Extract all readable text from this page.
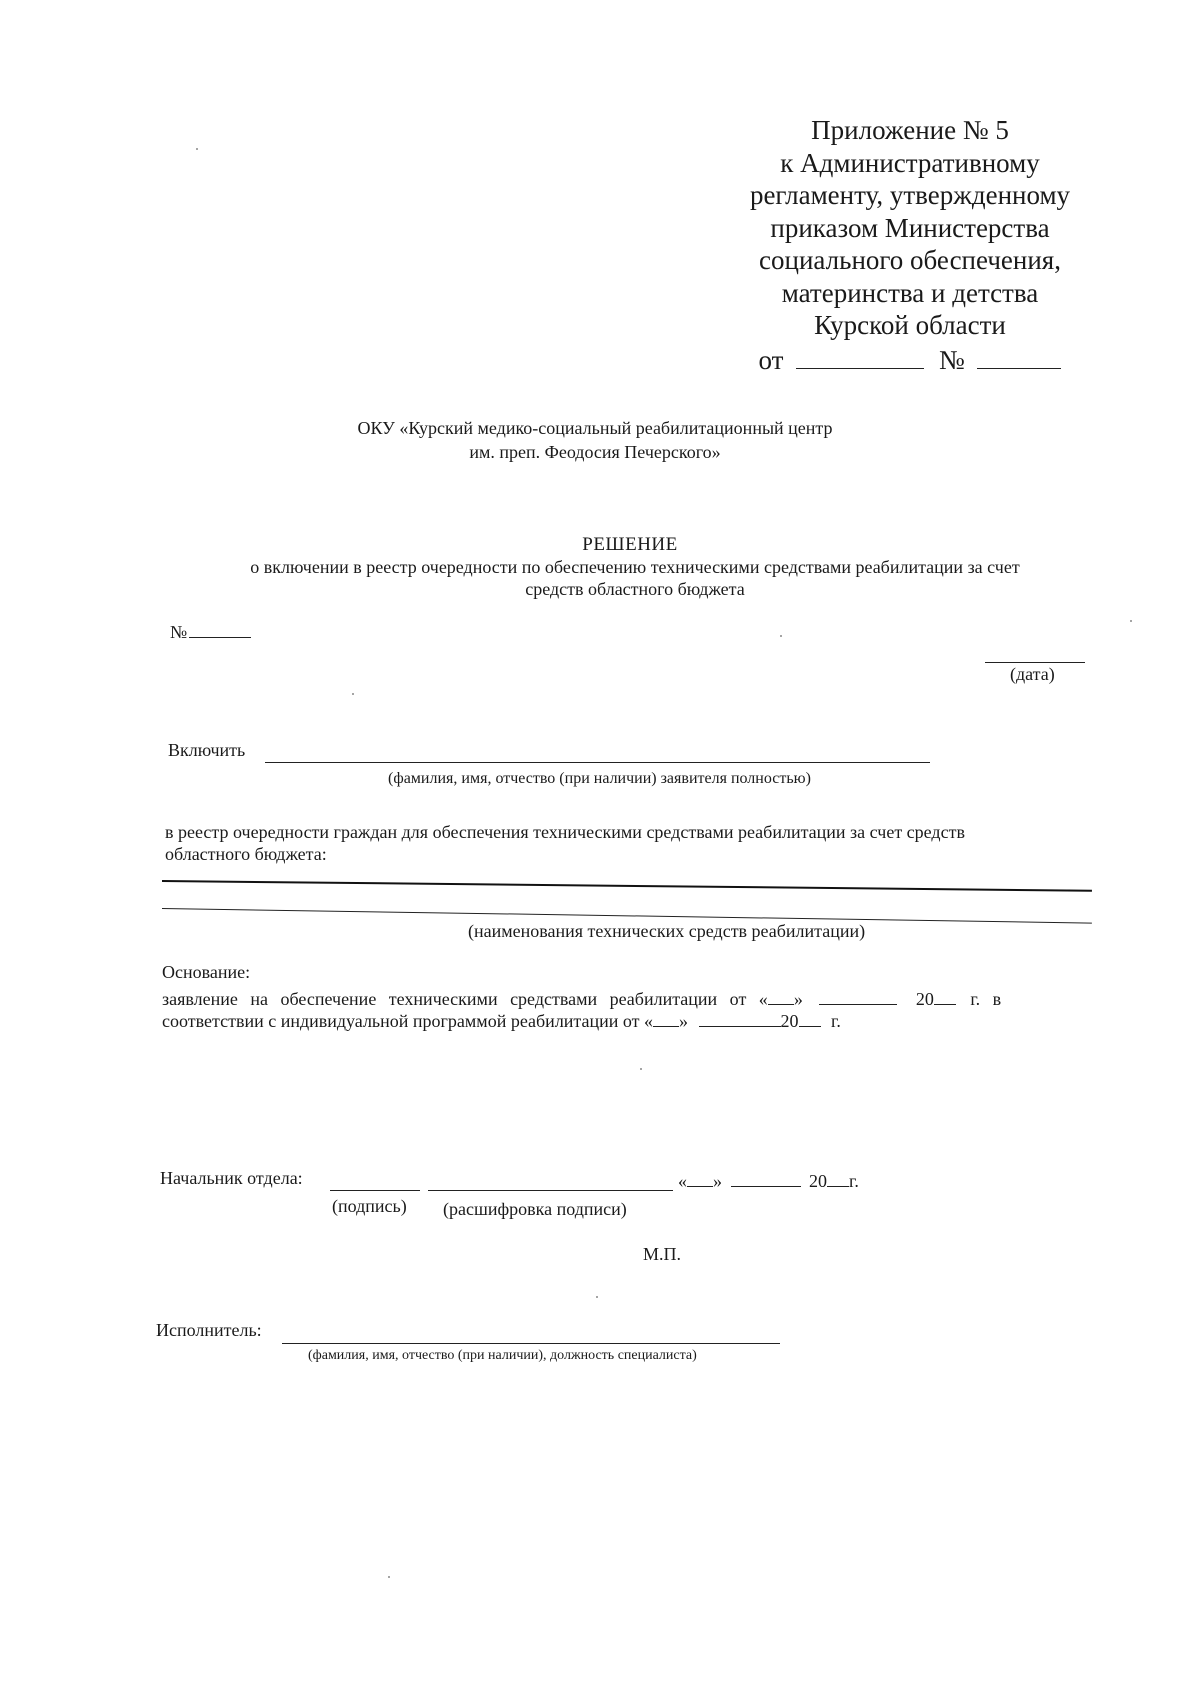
Приложение № 5
к Административному
регламенту, утвержденному
приказом Министерства
социального обеспечения,
материнства и детства
Курской области
от	№
ОКУ «Курский медико-социальный реабилитационный центр
им. преп. Феодосия Печерского»
РЕШЕНИЕ
о включении в реестр очередности по обеспечению техническими средствами реабилитации за счет
средств областного бюджета
№
(дата)
Включить
(фамилия, имя, отчество (при наличии) заявителя полностью)
в реестр очередности граждан для обеспечения техническими средствами реабилитации за счет средств
областного бюджета:
(наименования технических средств реабилитации)
Основание:
заявление на обеспечение техническими средствами реабилитации от « »	20 г. в
соответствии с индивидуальной программой реабилитации от « »	20 г.
Начальник отдела:	« »	20 г.
(подпись) (расшифровка подписи)
М.П.
Исполнитель:
(фамилия, имя, отчество (при наличии), должность специалиста)
